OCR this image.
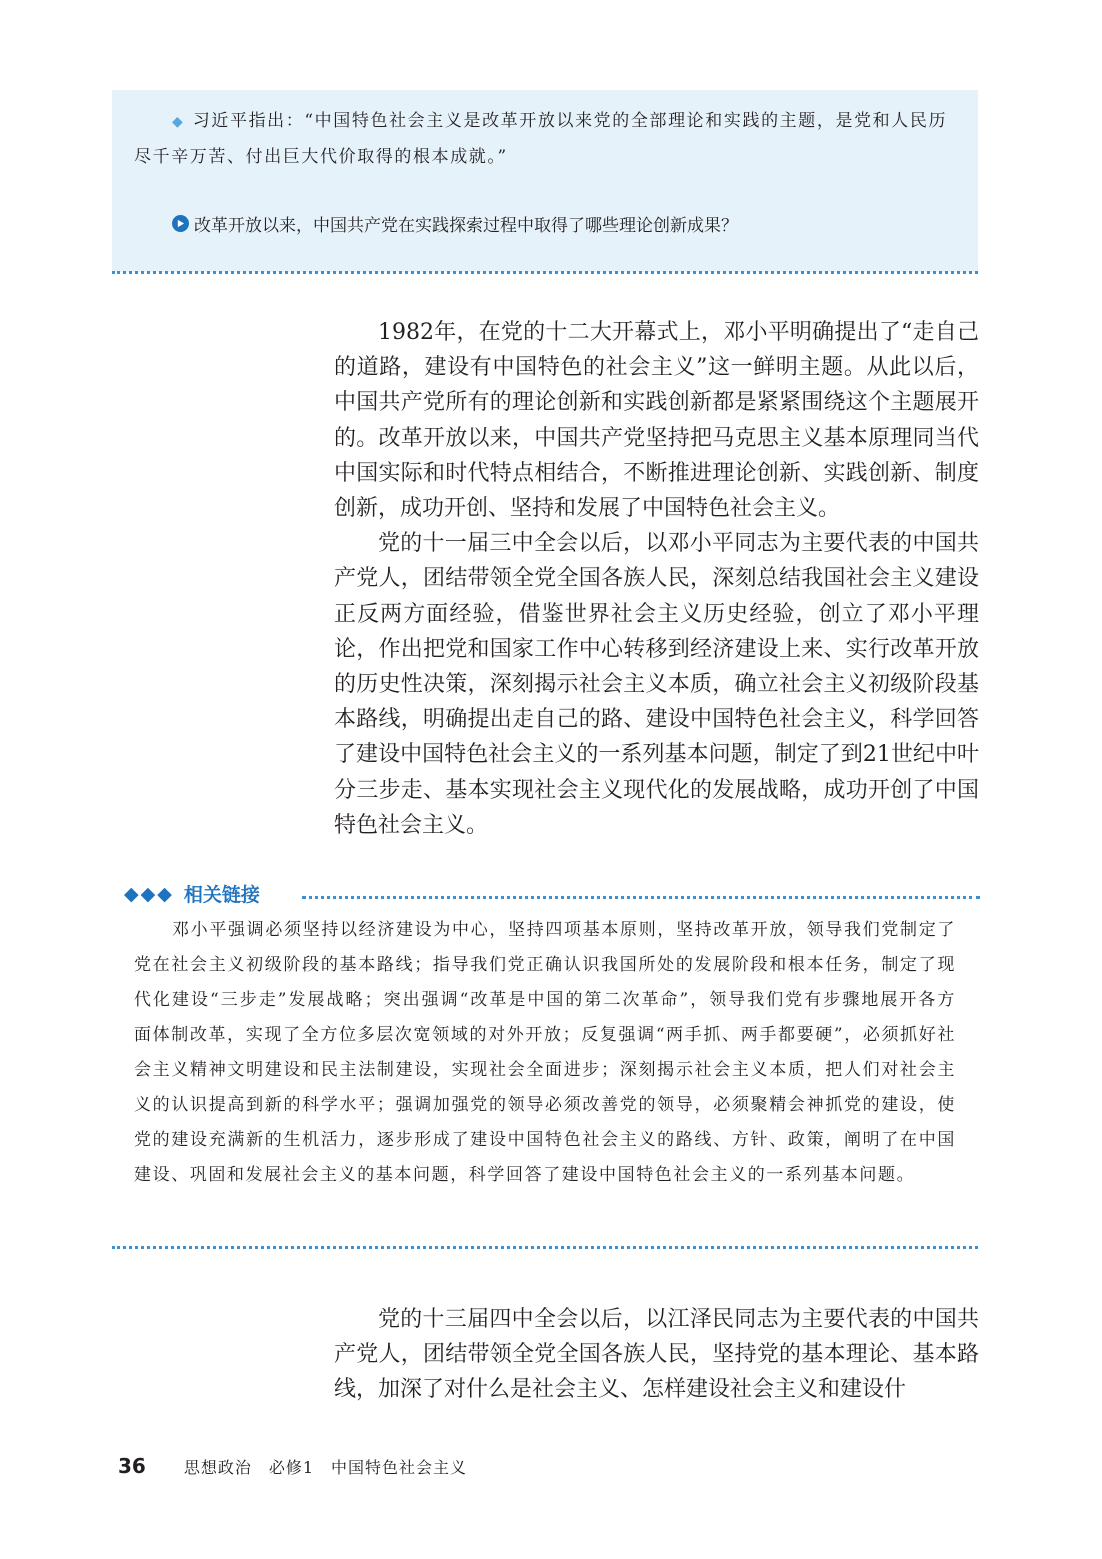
◆ 习近平指出：“中国特色社会主义是改革开放以来党的全部理论和实践的主题，是党和人民历尽千辛万苦、付出巨大代价取得的根本成就。”

改革开放以来，中国共产党在实践探索过程中取得了哪些理论创新成果？

1982年，在党的十二大开幕式上，邓小平明确提出了“走自己的道路，建设有中国特色的社会主义”这一鲜明主题。从此以后，中国共产党所有的理论创新和实践创新都是紧紧围绕这个主题展开的。改革开放以来，中国共产党坚持把马克思主义基本原理同当代中国实际和时代特点相结合，不断推进理论创新、实践创新、制度创新，成功开创、坚持和发展了中国特色社会主义。

党的十一届三中全会以后，以邓小平同志为主要代表的中国共产党人，团结带领全党全国各族人民，深刻总结我国社会主义建设正反两方面经验，借鉴世界社会主义历史经验，创立了邓小平理论，作出把党和国家工作中心转移到经济建设上来、实行改革开放的历史性决策，深刻揭示社会主义本质，确立社会主义初级阶段基本路线，明确提出走自己的路、建设中国特色社会主义，科学回答了建设中国特色社会主义的一系列基本问题，制定了到21世纪中叶分三步走、基本实现社会主义现代化的发展战略，成功开创了中国特色社会主义。

◆◆◆ 相关链接

邓小平强调必须坚持以经济建设为中心，坚持四项基本原则，坚持改革开放，领导我们党制定了党在社会主义初级阶段的基本路线；指导我们党正确认识我国所处的发展阶段和根本任务，制定了现代化建设“三步走”发展战略；突出强调“改革是中国的第二次革命”，领导我们党有步骤地展开各方面体制改革，实现了全方位多层次宽领域的对外开放；反复强调“两手抓、两手都要硬”，必须抓好社会主义精神文明建设和民主法制建设，实现社会全面进步；深刻揭示社会主义本质，把人们对社会主义的认识提高到新的科学水平；强调加强党的领导必须改善党的领导，必须聚精会神抓党的建设，使党的建设充满新的生机活力，逐步形成了建设中国特色社会主义的路线、方针、政策，阐明了在中国建设、巩固和发展社会主义的基本问题，科学回答了建设中国特色社会主义的一系列基本问题。

党的十三届四中全会以后，以江泽民同志为主要代表的中国共产党人，团结带领全党全国各族人民，坚持党的基本理论、基本路线，加深了对什么是社会主义、怎样建设社会主义和建设什

36 思想政治　必修1　中国特色社会主义
